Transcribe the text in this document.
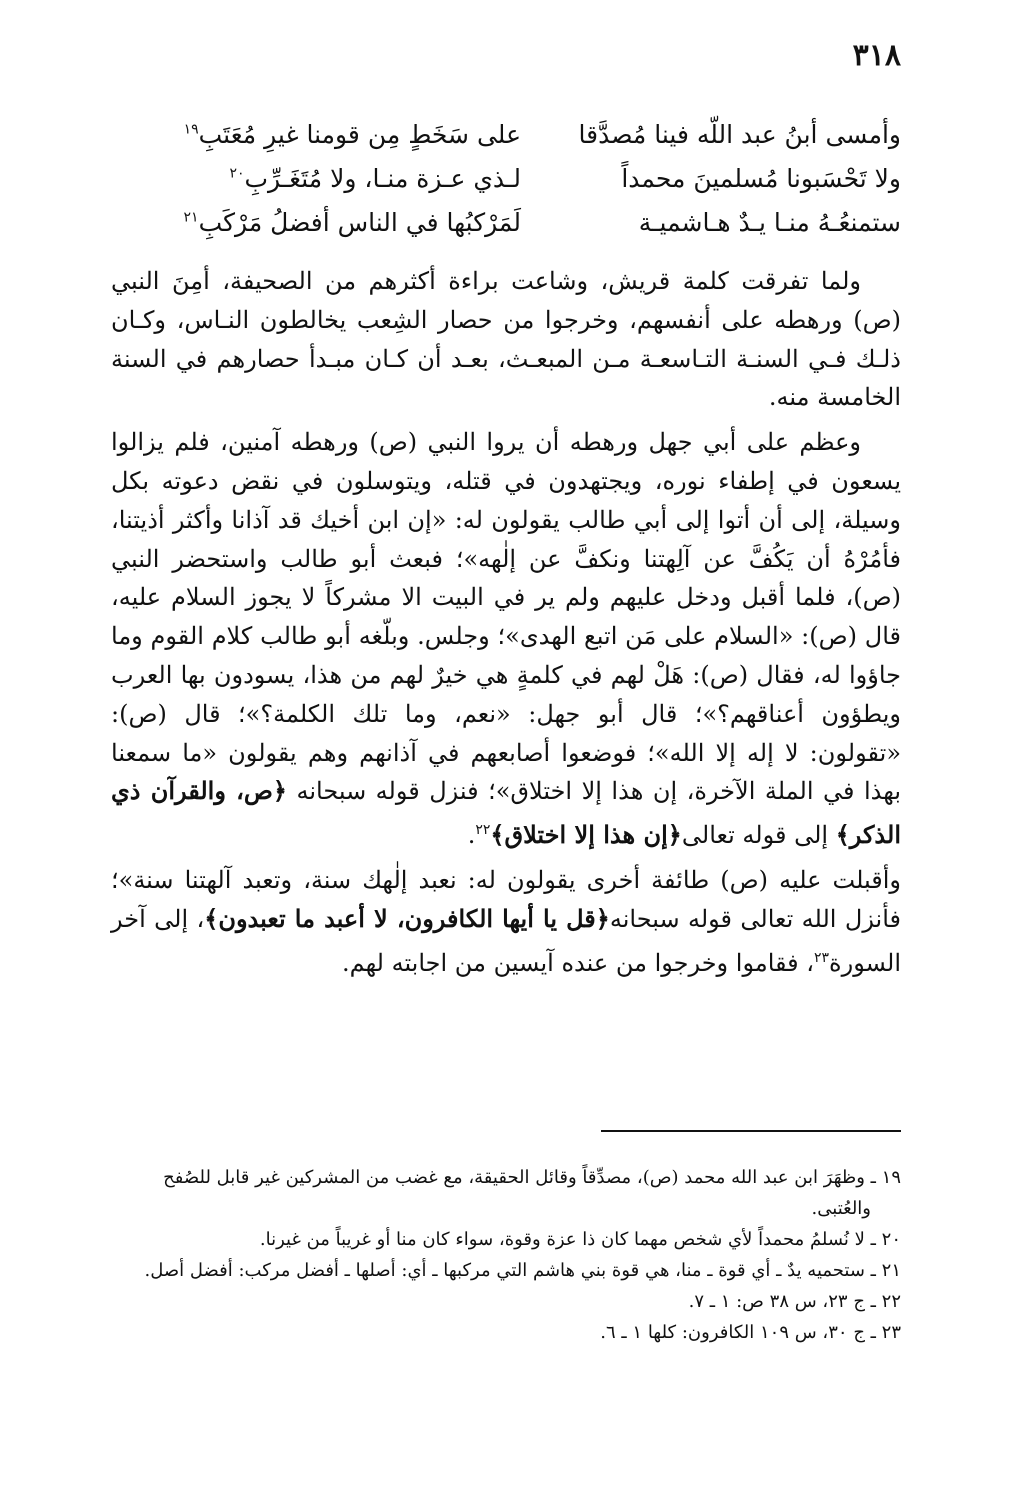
٣١٨
وأمسى أبنُ عبد اللّه فينا مُصدَّقا
على سَخَطٍ مِن قومنا غيرِ مُعَتَبِ$^{١٩}$
ولا تَحْسَبونا مُسلمينَ محمداً
لـذي عـزة منـا، ولا مُتَغَـرِّبِ$^{٢٠}$
ستمنعُـهُ منـا يـدٌ هـاشميـة
لَمَرْكبُها في الناس أفضلُ مَرْكَبِ$^{٢١}$

ولما تفرقت كلمة قريش، وشاعت براءة أكثرهم من الصحيفة، أمِنَ النبي (ص) ورهطه على أنفسهم، وخرجوا من حصار الشِعب يخالطون النـاس، وكـان ذلـك فـي السنـة التـاسعـة مـن المبعـث، بعـد أن كـان مبـدأ حصارهم في السنة الخامسة منه.

وعظم على أبي جهل ورهطه أن يروا النبي (ص) ورهطه آمنين، فلم يزالوا يسعون في إطفاء نوره، ويجتهدون في قتله، ويتوسلون في نقض دعوته بكل وسيلة، إلى أن أتوا إلى أبي طالب يقولون له: «إن ابن أخيك قد آذانا وأكثر أذيتنا، فأمُرْهُ أن يَكُفَّ عن آلِهتنا ونكفَّ عن إلٰهه»؛ فبعث أبو طالب واستحضر النبي (ص)، فلما أقبل ودخل عليهم ولم ير في البيت الا مشركاً لا يجوز السلام عليه، قال (ص): «السلام على مَن اتبع الهدى»؛ وجلس. وبلّغه أبو طالب كلام القوم وما جاؤوا له، فقال (ص): هَلْ لهم في كلمةٍ هي خيرٌ لهم من هذا، يسودون بها العرب ويطؤون أعناقهم؟»؛ قال أبو جهل: «نعم، وما تلك الكلمة؟»؛ قال (ص): «تقولون: لا إله إلا الله»؛ فوضعوا أصابعهم في آذانهم وهم يقولون «ما سمعنا بهذا في الملة الآخرة، إن هذا إلا اختلاق»؛ فنزل قوله سبحانه ﴿ص، والقرآن ذي الذكر﴾ إلى قوله تعالى﴿إن هذا إلا اختلاق﴾$^{٢٢}$.

وأقبلت عليه (ص) طائفة أخرى يقولون له: نعبد إلٰهك سنة، وتعبد آلهتنا سنة»؛ فأنزل الله تعالى قوله سبحانه﴿قل يا أيها الكافرون، لا أعبد ما تعبدون﴾، إلى آخر السورة$^{٢٣}$، فقاموا وخرجوا من عنده آيسين من اجابته لهم.

١٩ ـ وظهَرَ ابن عبد الله محمد (ص)، مصدِّقاً وقائل الحقيقة، مع غضب من المشركين غير قابل للصُفح والعُتبى.

٢٠ ـ لا نُسلمُ محمداً لأي شخص مهما كان ذا عزة وقوة، سواء كان منا أو غريباً من غيرنا.

٢١ ـ ستحميه يدٌ ـ أي قوة ـ منا، هي قوة بني هاشم التي مركبها ـ أي: أصلها ـ أفضل مركب: أفضل أصل.

٢٢ ـ ج ٢٣، س ٣٨ ص: ١ ـ ٧.

٢٣ ـ ج ٣٠، س ١٠٩ الكافرون: كلها ١ ـ ٦.
